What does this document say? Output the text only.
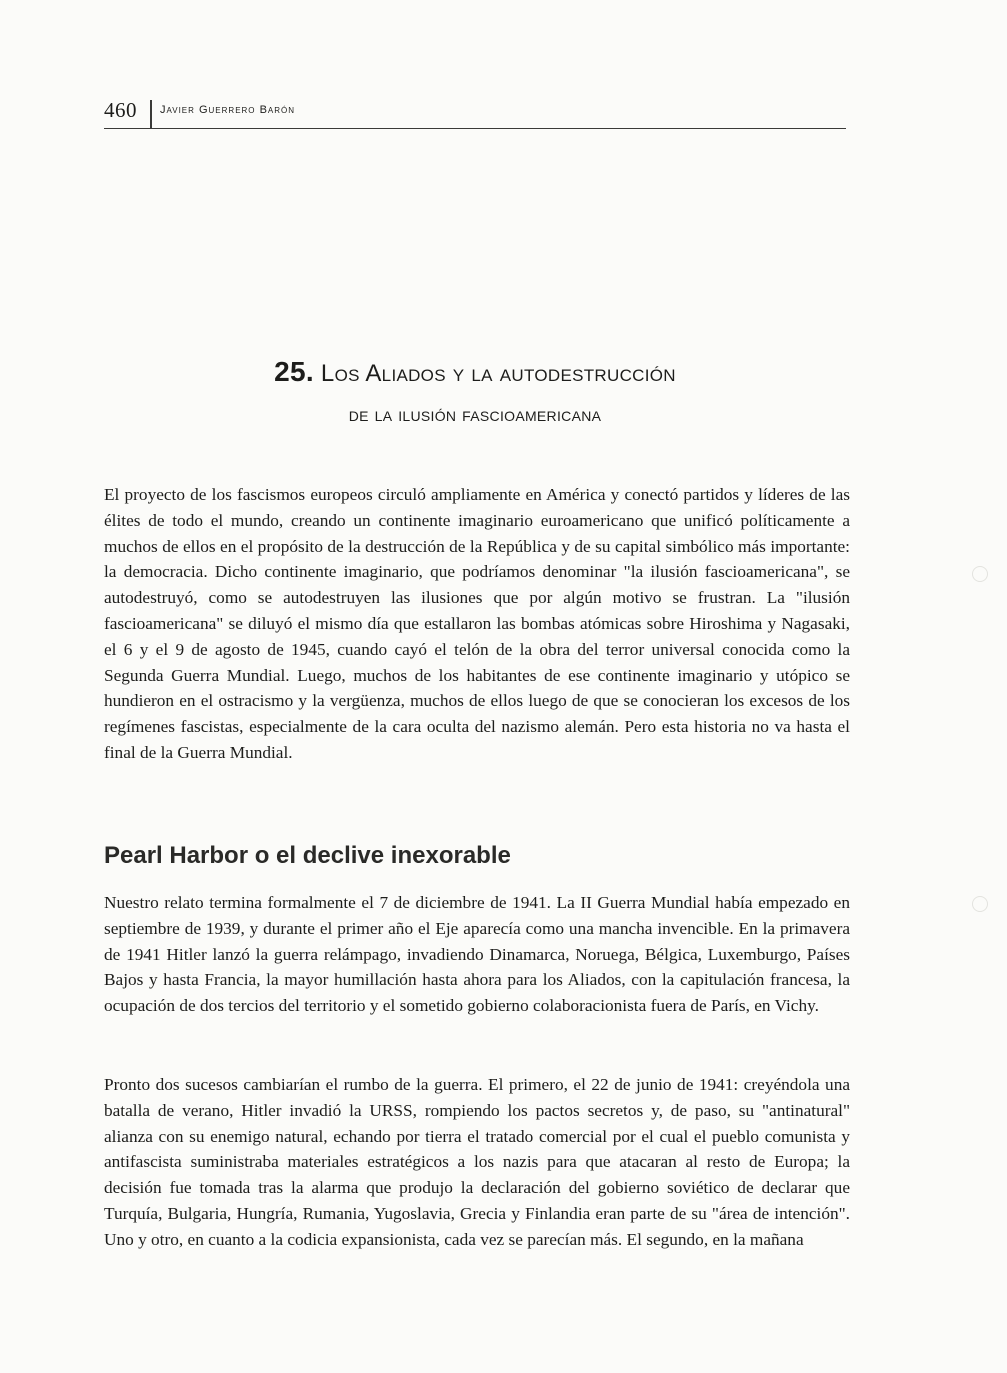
460 Javier Guerrero Barón
25. Los Aliados y la autodestrucción
de la ilusión fascioamericana

El proyecto de los fascismos europeos circuló ampliamente en América y conectó partidos y líderes de las élites de todo el mundo, creando un continente imaginario euroamericano que unificó políticamente a muchos de ellos en el propósito de la destrucción de la República y de su capital simbólico más importante: la democracia. Dicho continente imaginario, que podríamos denominar "la ilusión fascioamericana", se autodestruyó, como se autodestruyen las ilusiones que por algún motivo se frustran. La "ilusión fascioamericana" se diluyó el mismo día que estallaron las bombas atómicas sobre Hiroshima y Nagasaki, el 6 y el 9 de agosto de 1945, cuando cayó el telón de la obra del terror universal conocida como la Segunda Guerra Mundial. Luego, muchos de los habitantes de ese continente imaginario y utópico se hundieron en el ostracismo y la vergüenza, muchos de ellos luego de que se conocieran los excesos de los regímenes fascistas, especialmente de la cara oculta del nazismo alemán. Pero esta historia no va hasta el final de la Guerra Mundial.

Pearl Harbor o el declive inexorable

Nuestro relato termina formalmente el 7 de diciembre de 1941. La II Guerra Mundial había empezado en septiembre de 1939, y durante el primer año el Eje aparecía como una mancha invencible. En la primavera de 1941 Hitler lanzó la guerra relámpago, invadiendo Dinamarca, Noruega, Bélgica, Luxemburgo, Países Bajos y hasta Francia, la mayor humillación hasta ahora para los Aliados, con la capitulación francesa, la ocupación de dos tercios del territorio y el sometido gobierno colaboracionista fuera de París, en Vichy.

Pronto dos sucesos cambiarían el rumbo de la guerra. El primero, el 22 de junio de 1941: creyéndola una batalla de verano, Hitler invadió la URSS, rompiendo los pactos secretos y, de paso, su "antinatural" alianza con su enemigo natural, echando por tierra el tratado comercial por el cual el pueblo comunista y antifascista suministraba materiales estratégicos a los nazis para que atacaran al resto de Europa; la decisión fue tomada tras la alarma que produjo la declaración del gobierno soviético de declarar que Turquía, Bulgaria, Hungría, Rumania, Yugoslavia, Grecia y Finlandia eran parte de su "área de intención". Uno y otro, en cuanto a la codicia expansionista, cada vez se parecían más. El segundo, en la mañana
